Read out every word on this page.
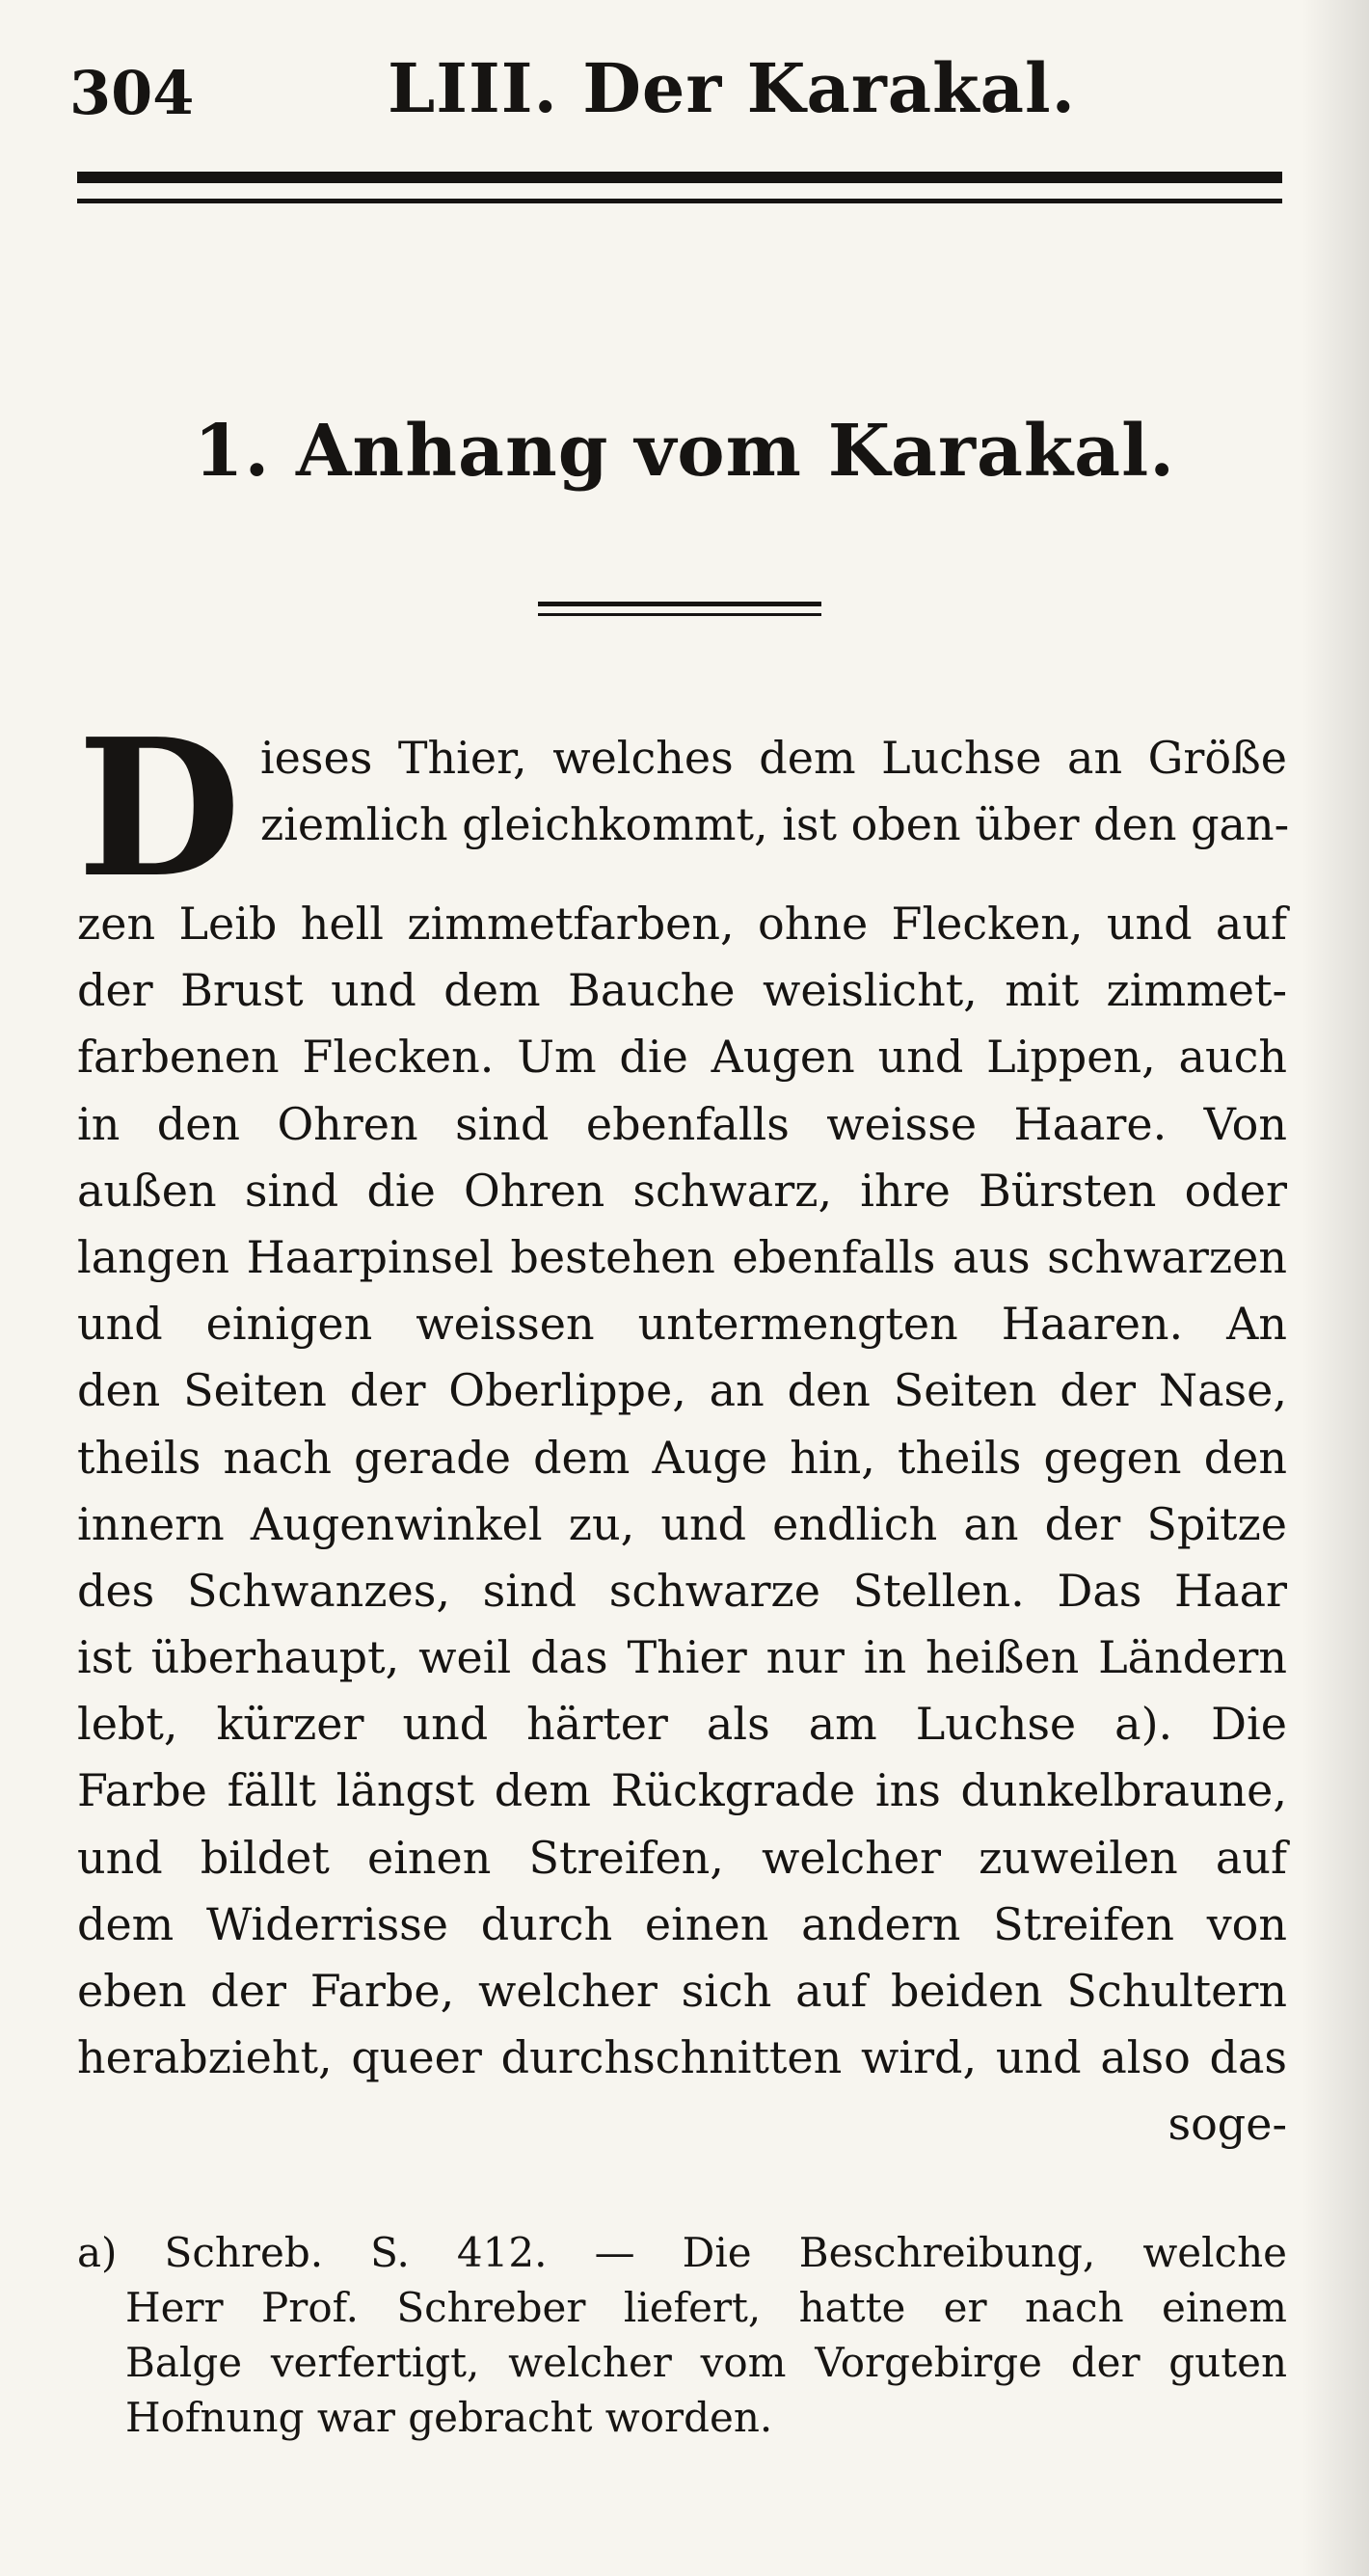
304	LIII. Der Karakal.
1. Anhang vom Karakal.
D ieses Thier, welches dem Luchse an Größe
ziemlich gleichkommt, ist oben über den gan-
zen Leib hell zimmetfarben, ohne Flecken, und auf
der Brust und dem Bauche weislicht, mit zimmet-
farbenen Flecken. Um die Augen und Lippen, auch
in den Ohren sind ebenfalls weisse Haare. Von
außen sind die Ohren schwarz, ihre Bürsten oder
langen Haarpinsel bestehen ebenfalls aus schwarzen
und einigen weissen untermengten Haaren. An
den Seiten der Oberlippe, an den Seiten der Nase,
theils nach gerade dem Auge hin, theils gegen den
innern Augenwinkel zu, und endlich an der Spitze
des Schwanzes, sind schwarze Stellen. Das Haar
ist überhaupt, weil das Thier nur in heißen Ländern
lebt, kürzer und härter als am Luchse a). Die
Farbe fällt längst dem Rückgrade ins dunkelbraune,
und bildet einen Streifen, welcher zuweilen auf
dem Widerrisse durch einen andern Streifen von
eben der Farbe, welcher sich auf beiden Schultern
herabzieht, queer durchschnitten wird, und also das
soge-
a) Schreb. S. 412. — Die Beschreibung, welche
Herr Prof. Schreber liefert, hatte er nach einem
Balge verfertigt, welcher vom Vorgebirge der guten
Hofnung war gebracht worden.
